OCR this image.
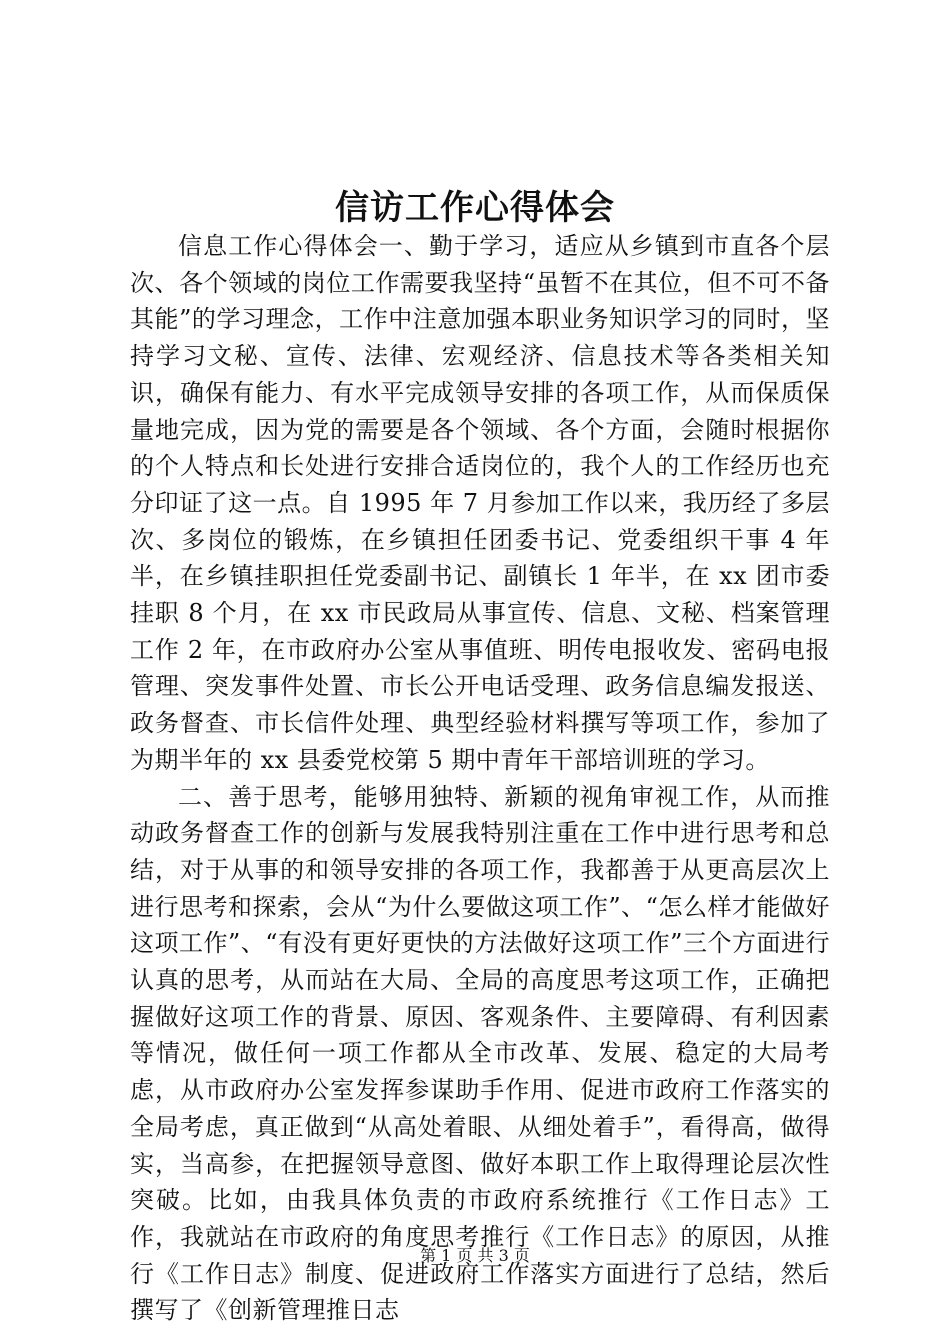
信访工作心得体会

信息工作心得体会一、勤于学习，适应从乡镇到市直各个层次、各个领域的岗位工作需要我坚持“虽暂不在其位，但不可不备其能”的学习理念，工作中注意加强本职业务知识学习的同时，坚持学习文秘、宣传、法律、宏观经济、信息技术等各类相关知识，确保有能力、有水平完成领导安排的各项工作，从而保质保量地完成，因为党的需要是各个领域、各个方面，会随时根据你的个人特点和长处进行安排合适岗位的，我个人的工作经历也充分印证了这一点。自 1995 年 7 月参加工作以来，我历经了多层次、多岗位的锻炼，在乡镇担任团委书记、党委组织干事 4 年半，在乡镇挂职担任党委副书记、副镇长 1 年半，在 xx 团市委挂职 8 个月，在 xx 市民政局从事宣传、信息、文秘、档案管理工作 2 年，在市政府办公室从事值班、明传电报收发、密码电报管理、突发事件处置、市长公开电话受理、政务信息编发报送、政务督查、市长信件处理、典型经验材料撰写等项工作，参加了为期半年的 xx 县委党校第 5 期中青年干部培训班的学习。

二、善于思考，能够用独特、新颖的视角审视工作，从而推动政务督查工作的创新与发展我特别注重在工作中进行思考和总结，对于从事的和领导安排的各项工作，我都善于从更高层次上进行思考和探索，会从“为什么要做这项工作”、“怎么样才能做好这项工作”、“有没有更好更快的方法做好这项工作”三个方面进行认真的思考，从而站在大局、全局的高度思考这项工作，正确把握做好这项工作的背景、原因、客观条件、主要障碍、有利因素等情况，做任何一项工作都从全市改革、发展、稳定的大局考虑，从市政府办公室发挥参谋助手作用、促进市政府工作落实的全局考虑，真正做到“从高处着眼、从细处着手”，看得高，做得实，当高参，在把握领导意图、做好本职工作上取得理论层次性突破。比如，由我具体负责的市政府系统推行《工作日志》工作，我就站在市政府的角度思考推行《工作日志》的原因，从推行《工作日志》制度、促进政府工作落实方面进行了总结，然后撰写了《创新管理推日志

第 1 页 共 3 页
